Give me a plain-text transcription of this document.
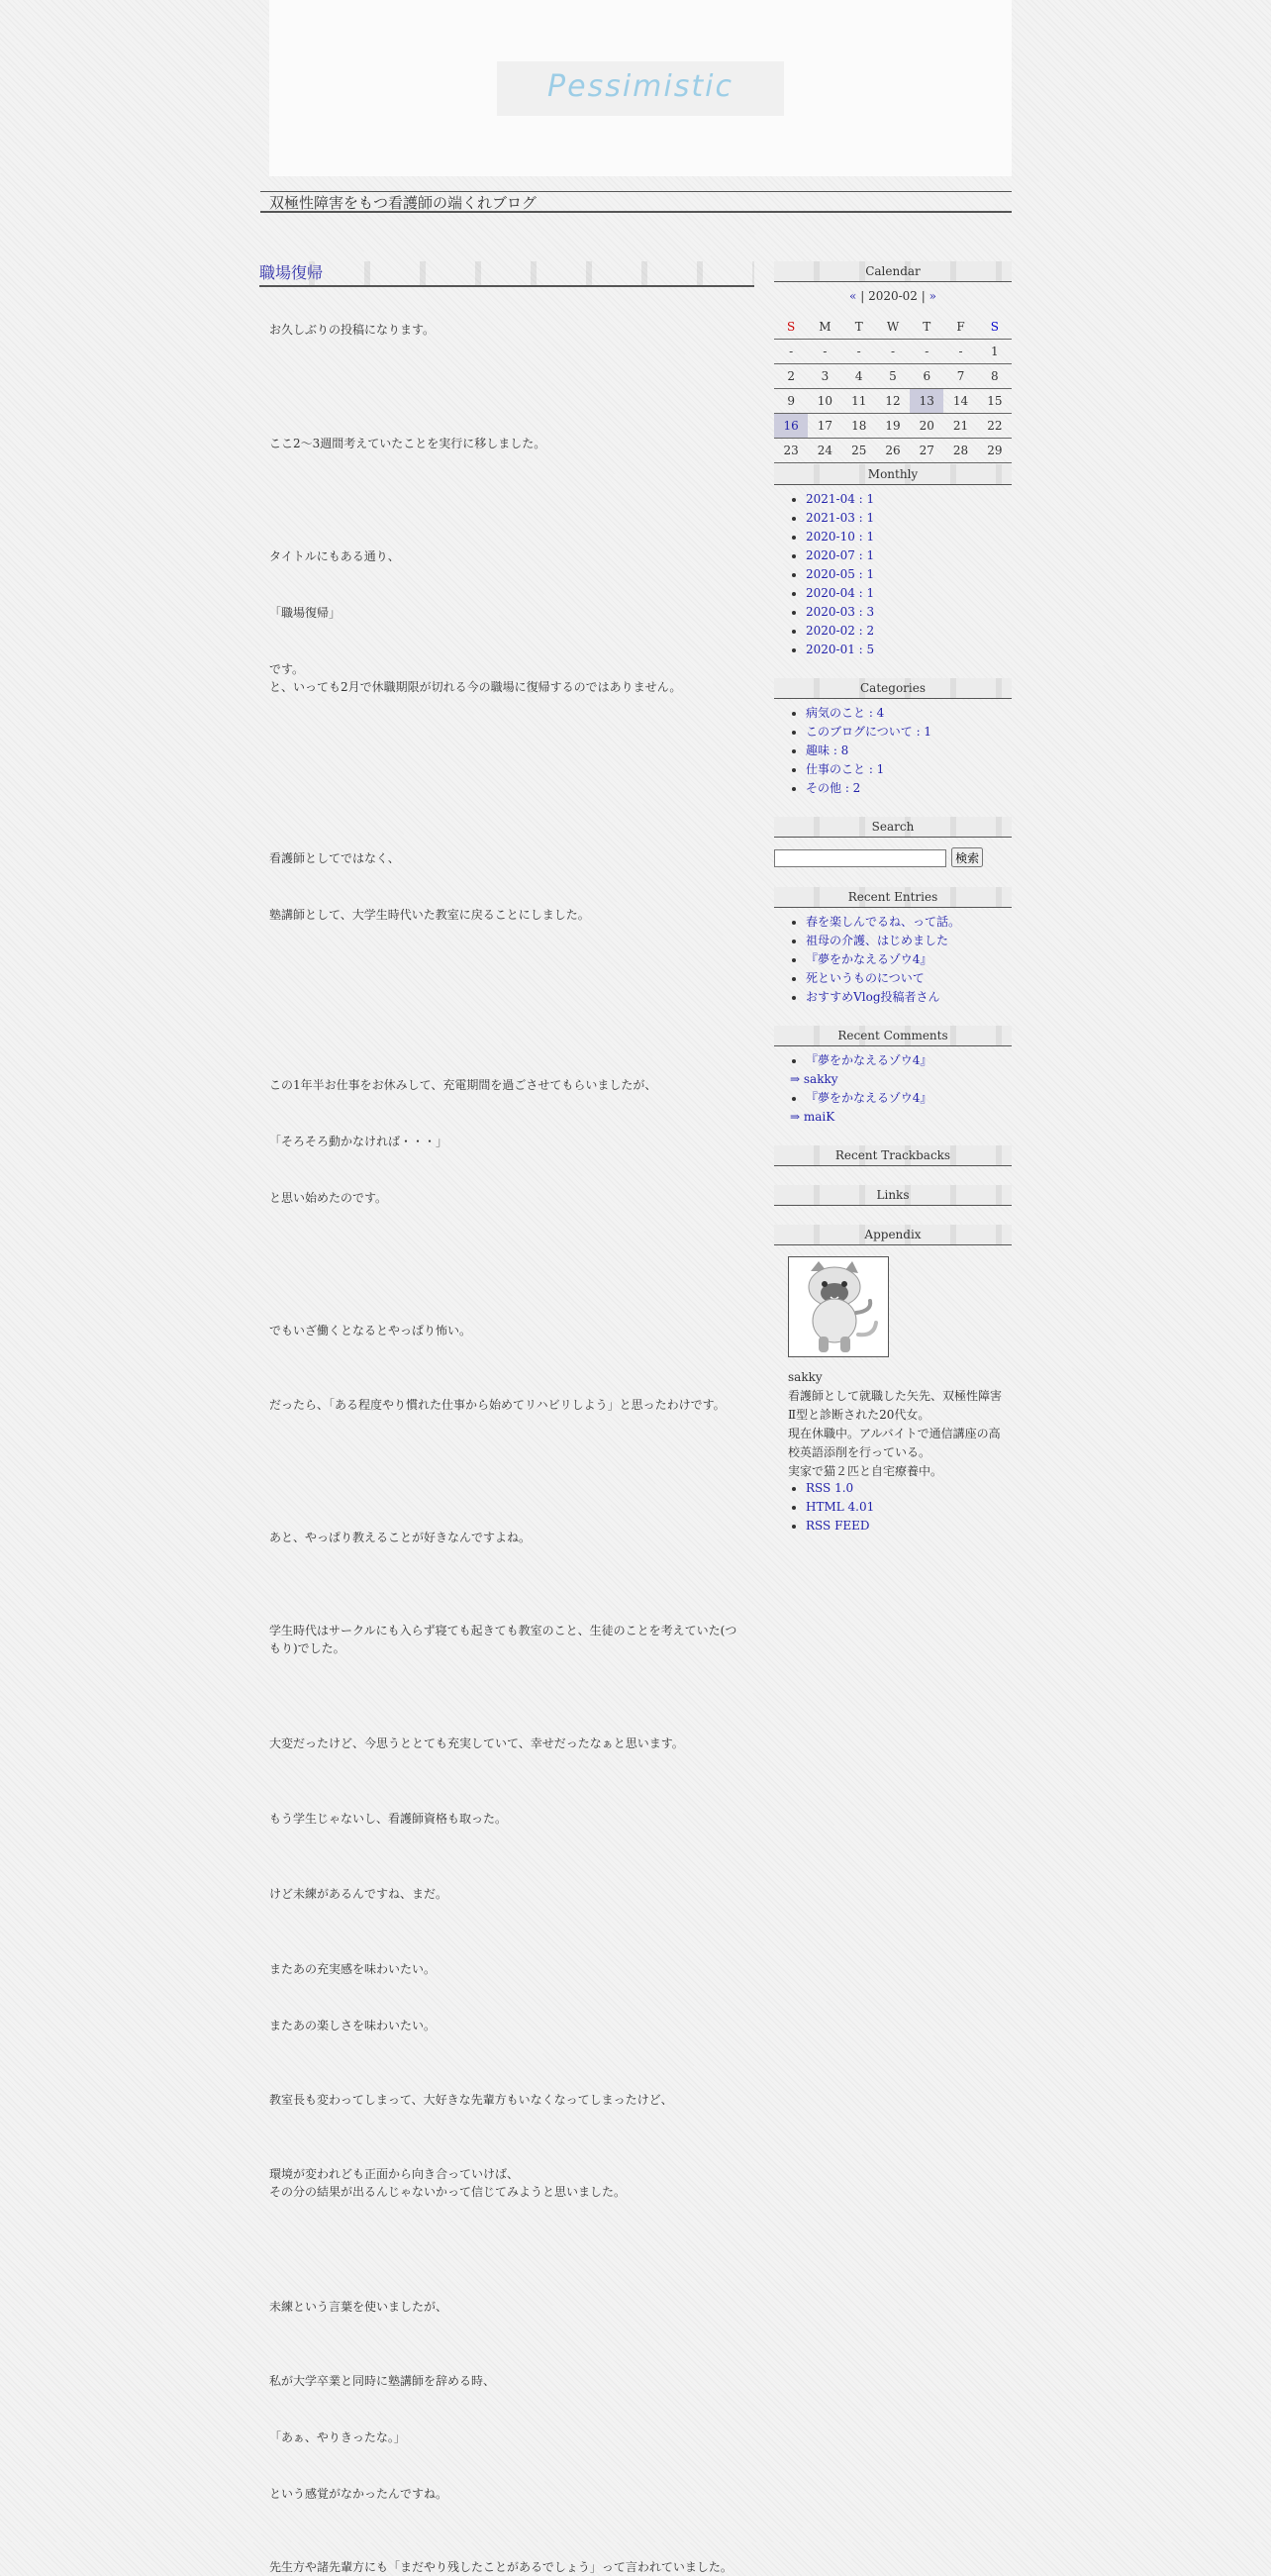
Pessimistic
双極性障害をもつ看護師の端くれブログ
職場復帰
お久しぶりの投稿になります。
ここ2～3週間考えていたことを実行に移しました。
タイトルにもある通り、
「職場復帰」
です。
と、いっても2月で休職期限が切れる今の職場に復帰するのではありません。
看護師としてではなく、
塾講師として、大学生時代いた教室に戻ることにしました。
この1年半お仕事をお休みして、充電期間を過ごさせてもらいましたが、
「そろそろ動かなければ・・・」
と思い始めたのです。
でもいざ働くとなるとやっぱり怖い。
だったら、「ある程度やり慣れた仕事から始めてリハビリしよう」と思ったわけです。
あと、やっぱり教えることが好きなんですよね。
学生時代はサークルにも入らず寝ても起きても教室のこと、生徒のことを考えていた(つもり)でした。
大変だったけど、今思うととても充実していて、幸せだったなぁと思います。
もう学生じゃないし、看護師資格も取った。
けど未練があるんですね、まだ。
またあの充実感を味わいたい。
またあの楽しさを味わいたい。
教室長も変わってしまって、大好きな先輩方もいなくなってしまったけど、
環境が変われども正面から向き合っていけば、
その分の結果が出るんじゃないかって信じてみようと思いました。
未練という言葉を使いましたが、
私が大学卒業と同時に塾講師を辞める時、
「あぁ、やりきったな。」
という感覚がなかったんですね。
先生方や諸先輩方にも「まだやり残したことがあるでしょう」って言われていました。
Calendar
« | 2020-02 | »
S	M	T	W	T	F	S
-	-	-	-	-	-	1
2	3	4	5	6	7	8
9	10	11	12	13	14	15
16	17	18	19	20	21	22
23	24	25	26	27	28	29
Monthly
• 2021-04 : 1
• 2021-03 : 1
• 2020-10 : 1
• 2020-07 : 1
• 2020-05 : 1
• 2020-04 : 1
• 2020-03 : 3
• 2020-02 : 2
• 2020-01 : 5
Categories
• 病気のこと : 4
• このブログについて : 1
• 趣味 : 8
• 仕事のこと : 1
• その他 : 2
Search
検索
Recent Entries
• 春を楽しんでるね、って話。
• 祖母の介護、はじめました
• 『夢をかなえるゾウ4』
• 死というものについて
• おすすめVlog投稿者さん
Recent Comments
• 『夢をかなえるゾウ4』
⇒ sakky
• 『夢をかなえるゾウ4』
⇒ maiK
Recent Trackbacks
Links
Appendix
sakky
看護師として就職した矢先、双極性障害Ⅱ型と診断された20代女。
現在休職中。アルバイトで通信講座の高校英語添削を行っている。
実家で猫２匹と自宅療養中。
• RSS 1.0
• HTML 4.01
• RSS FEED
